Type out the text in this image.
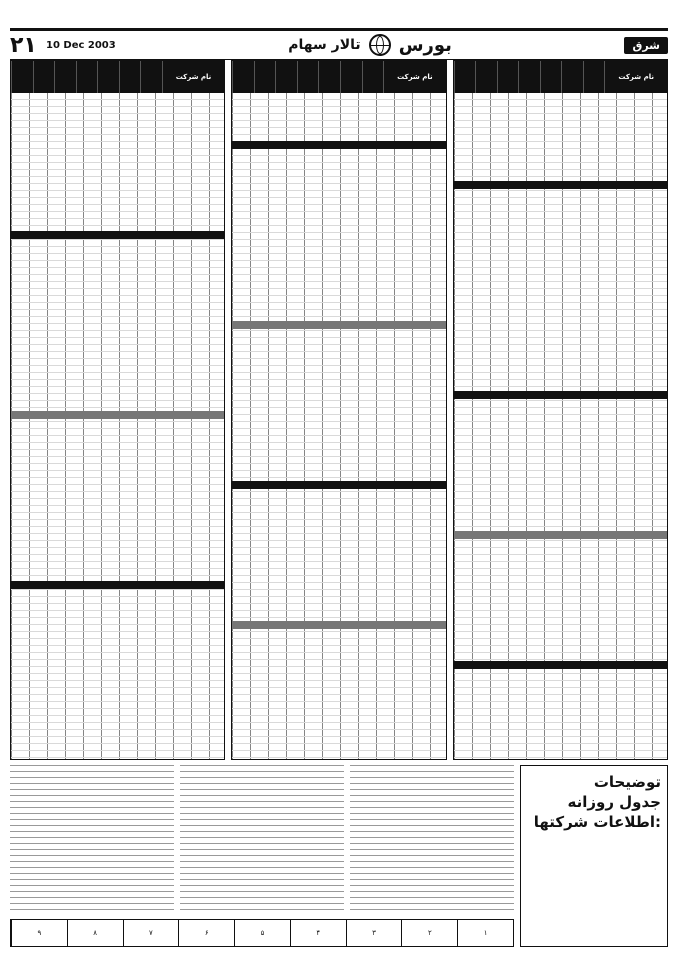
۲۱ 10 Dec 2003	تالار سهام بورس	شرق
نام شرکت
نام شرکت
نام شرکت
توضیحات
جدول روزانه
اطلاعات شرکتها:
۱
۲
۳
۴
۵
۶
۷
۸
۹
